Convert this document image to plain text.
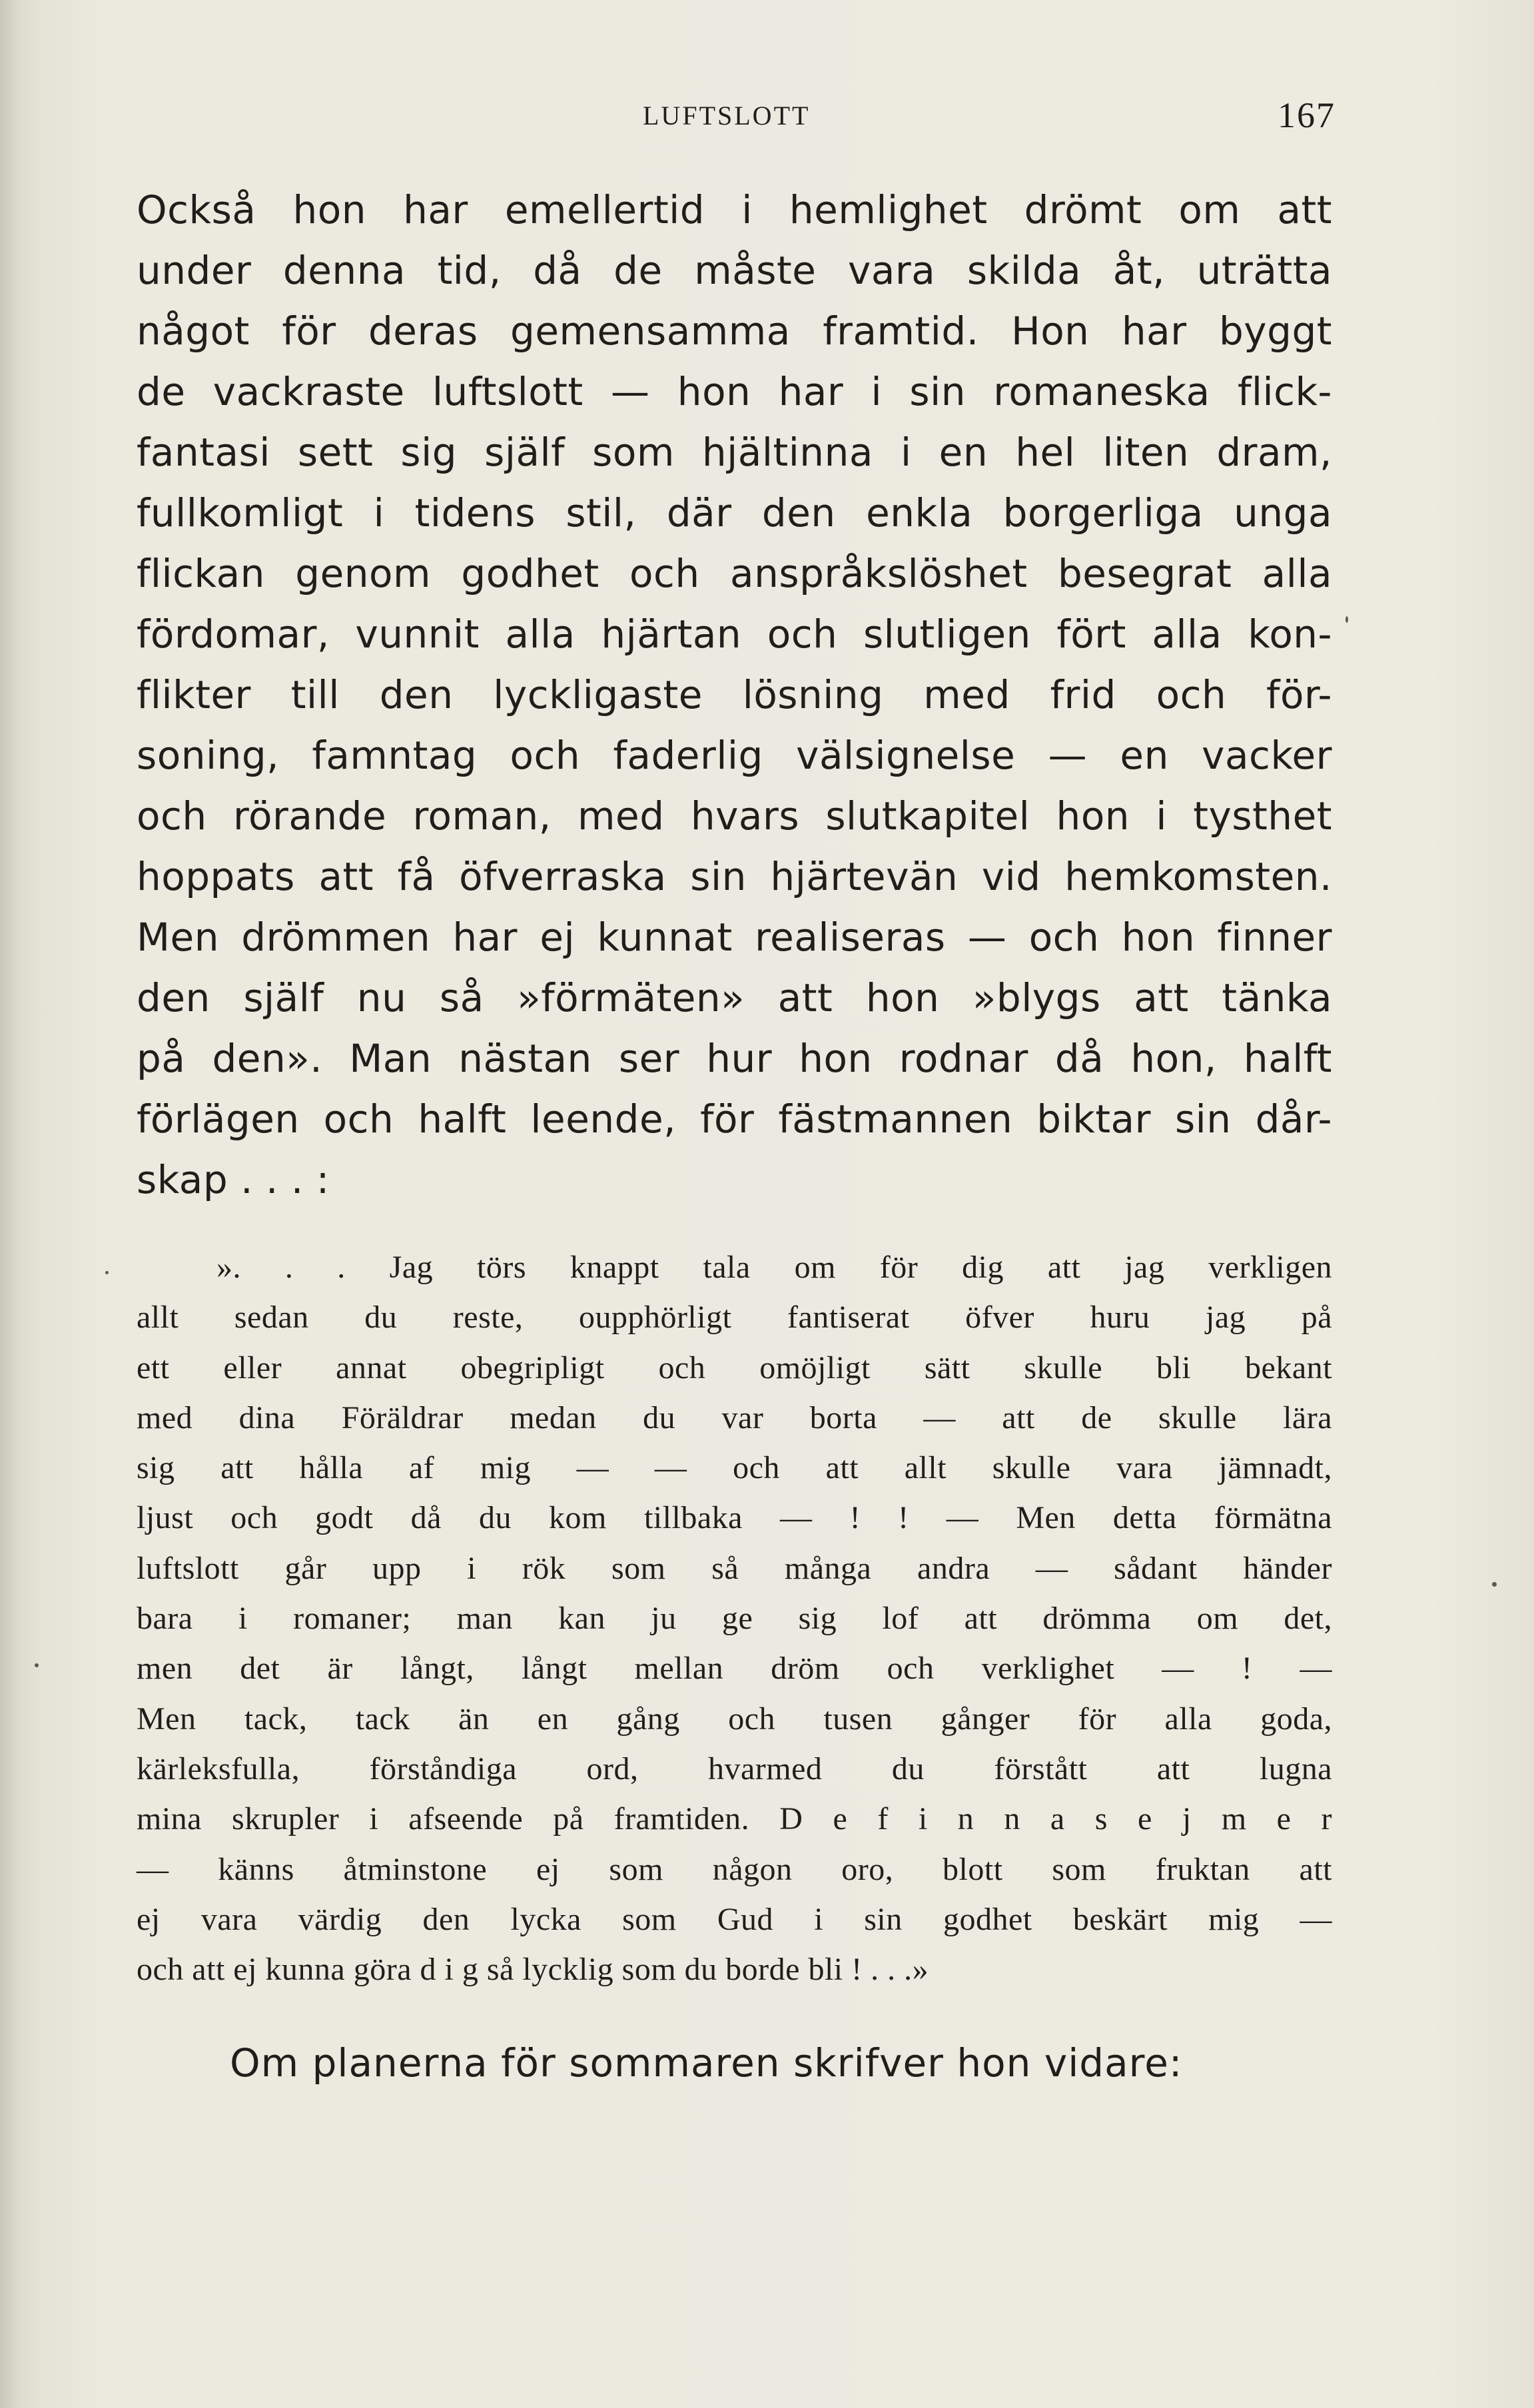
LUFTSLOTT	167
Också hon har emellertid i hemlighet drömt om att
under denna tid, då de måste vara skilda åt, uträtta
något för deras gemensamma framtid. Hon har byggt
de vackraste luftslott — hon har i sin romaneska flick-
fantasi sett sig själf som hjältinna i en hel liten dram,
fullkomligt i tidens stil, där den enkla borgerliga unga
flickan genom godhet och anspråkslöshet besegrat alla
fördomar, vunnit alla hjärtan och slutligen fört alla kon-
flikter till den lyckligaste lösning med frid och för-
soning, famntag och faderlig välsignelse — en vacker
och rörande roman, med hvars slutkapitel hon i tysthet
hoppats att få öfverraska sin hjärtevän vid hemkomsten.
Men drömmen har ej kunnat realiseras — och hon finner
den själf nu så »förmäten» att hon »blygs att tänka
på den». Man nästan ser hur hon rodnar då hon, halft
förlägen och halft leende, för fästmannen biktar sin dår-
skap . . . :
». . . Jag törs knappt tala om för dig att jag verkligen
allt sedan du reste, oupphörligt fantiserat öfver huru jag på
ett eller annat obegripligt och omöjligt sätt skulle bli bekant
med dina Föräldrar medan du var borta — att de skulle lära
sig att hålla af mig — — och att allt skulle vara jämnadt,
ljust och godt då du kom tillbaka — ! ! — Men detta förmätna
luftslott går upp i rök som så många andra — sådant händer
bara i romaner; man kan ju ge sig lof att drömma om det,
men det är långt, långt mellan dröm och verklighet — ! —
Men tack, tack än en gång och tusen gånger för alla goda,
kärleksfulla, förståndiga ord, hvarmed du förstått att lugna
mina skrupler i afseende på framtiden. D e f i n n a s e j m e r
— känns åtminstone ej som någon oro, blott som fruktan att
ej vara värdig den lycka som Gud i sin godhet beskärt mig —
och att ej kunna göra d i g så lycklig som du borde bli ! . . .»
Om planerna för sommaren skrifver hon vidare:
